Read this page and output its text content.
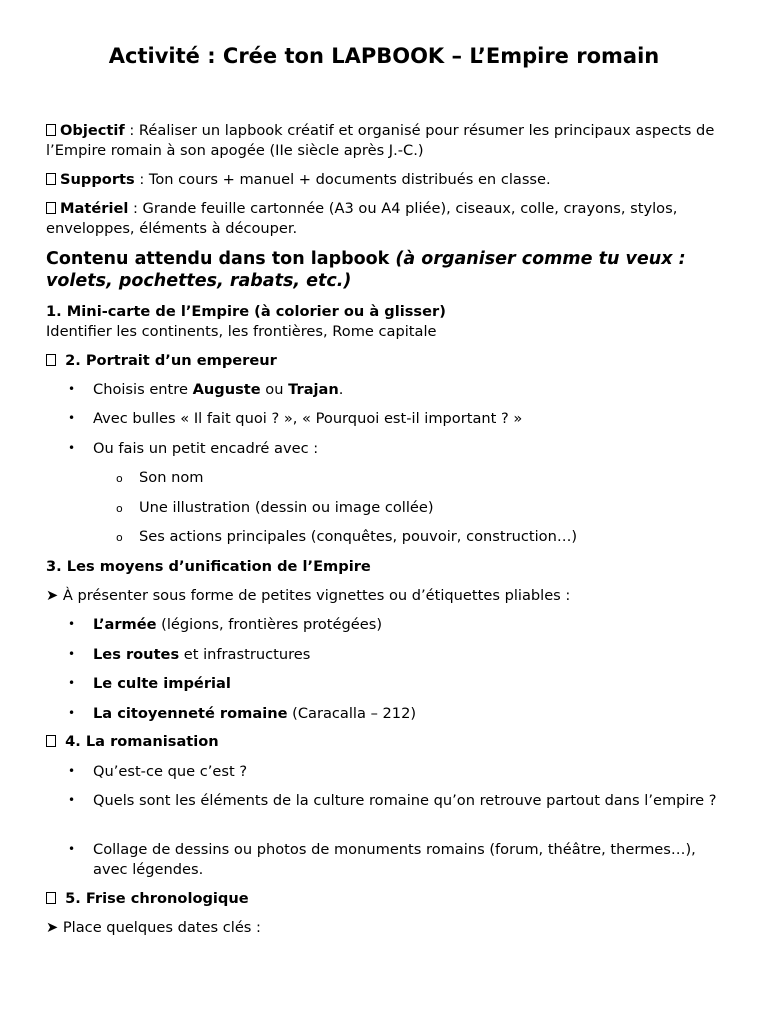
Activité : Crée ton LAPBOOK – L’Empire romain
Objectif : Réaliser un lapbook créatif et organisé pour résumer les principaux aspects de l’Empire romain à son apogée (IIe siècle après J.-C.)
Supports : Ton cours + manuel + documents distribués en classe.
Matériel : Grande feuille cartonnée (A3 ou A4 pliée), ciseaux, colle, crayons, stylos, enveloppes, éléments à découper.
Contenu attendu dans ton lapbook (à organiser comme tu veux : volets, pochettes, rabats, etc.)
1. Mini-carte de l’Empire (à colorier ou à glisser)
Identifier les continents, les frontières, Rome capitale
2. Portrait d’un empereur
• Choisis entre Auguste ou Trajan.
• Avec bulles « Il fait quoi ? », « Pourquoi est-il important ? »
• Ou fais un petit encadré avec :
o Son nom
o Une illustration (dessin ou image collée)
o Ses actions principales (conquêtes, pouvoir, construction…)
3. Les moyens d’unification de l’Empire
➤ À présenter sous forme de petites vignettes ou d’étiquettes pliables :
• L’armée (légions, frontières protégées)
• Les routes et infrastructures
• Le culte impérial
• La citoyenneté romaine (Caracalla – 212)
4. La romanisation
• Qu’est-ce que c’est ?
• Quels sont les éléments de la culture romaine qu’on retrouve partout dans l’empire ?
• Collage de dessins ou photos de monuments romains (forum, théâtre, thermes…), avec légendes.
5. Frise chronologique
➤ Place quelques dates clés :
